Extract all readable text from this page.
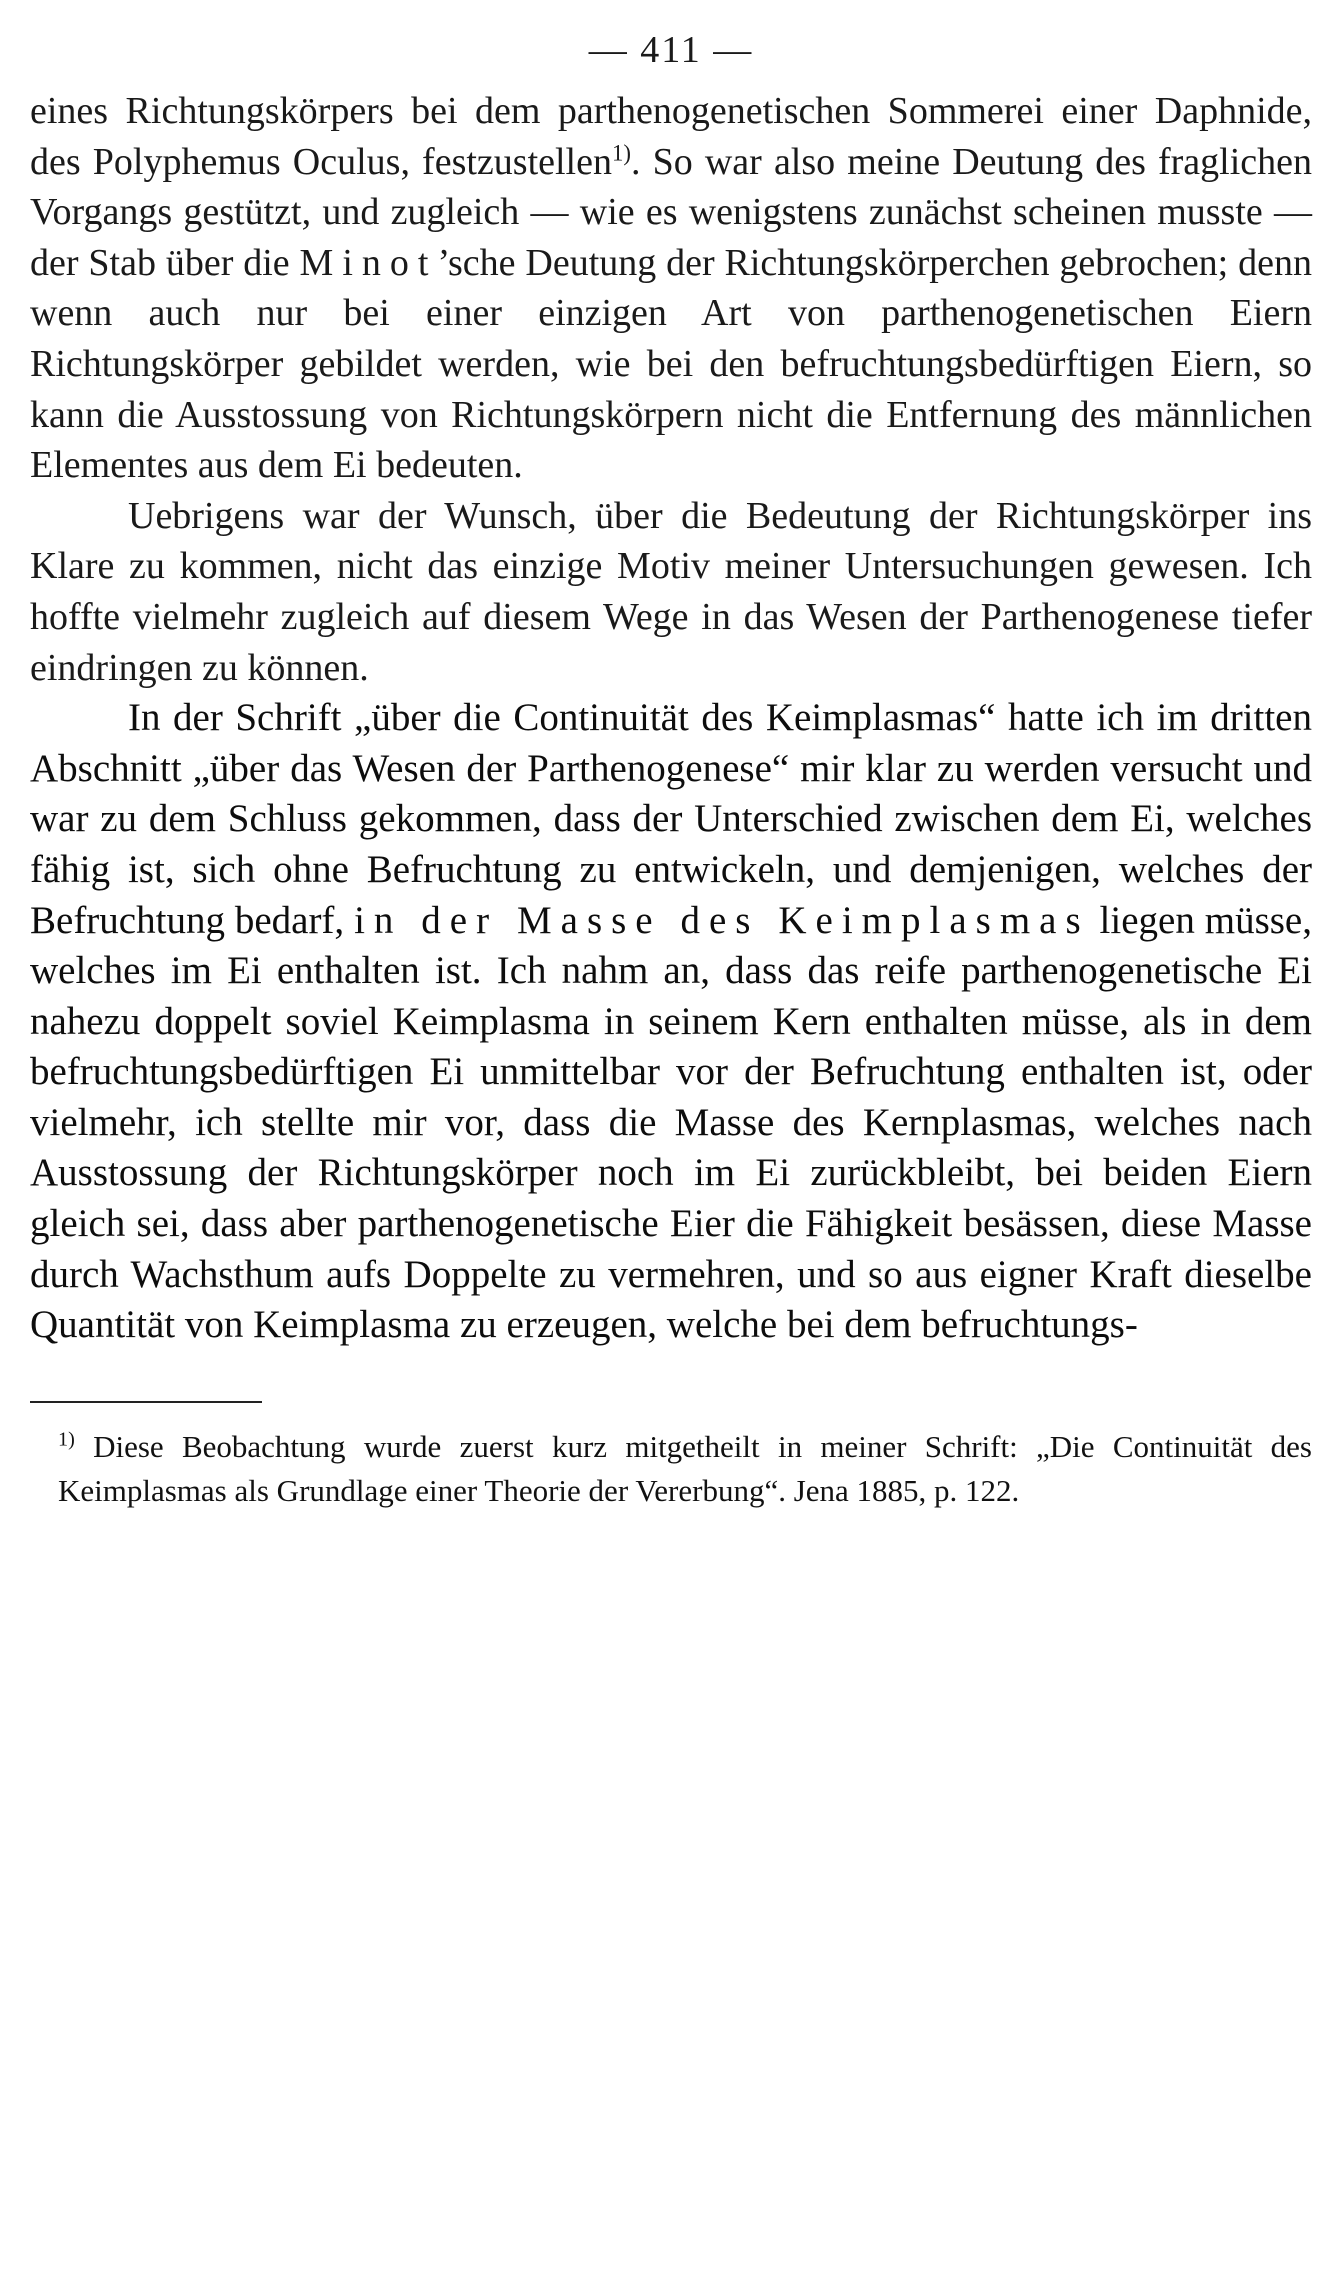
— 411 —

eines Richtungskörpers bei dem parthenogenetischen Sommerei einer Daphnide, des Polyphemus Oculus, festzustellen$^{1)}$. So war also meine Deutung des fraglichen Vorgangs gestützt, und zugleich — wie es wenigstens zunächst scheinen musste — der Stab über die Minot’sche Deutung der Richtungskörperchen gebrochen; denn wenn auch nur bei einer einzigen Art von parthenogenetischen Eiern Richtungskörper gebildet werden, wie bei den befruchtungsbedürftigen Eiern, so kann die Ausstossung von Richtungskörpern nicht die Entfernung des männlichen Elementes aus dem Ei bedeuten.

Uebrigens war der Wunsch, über die Bedeutung der Richtungskörper ins Klare zu kommen, nicht das einzige Motiv meiner Untersuchungen gewesen. Ich hoffte vielmehr zugleich auf diesem Wege in das Wesen der Parthenogenese tiefer eindringen zu können.

In der Schrift „über die Continuität des Keimplasmas“ hatte ich im dritten Abschnitt „über das Wesen der Parthenogenese“ mir klar zu werden versucht und war zu dem Schluss gekommen, dass der Unterschied zwischen dem Ei, welches fähig ist, sich ohne Befruchtung zu entwickeln, und demjenigen, welches der Befruchtung bedarf, in der Masse des Keimplasmas liegen müsse, welches im Ei enthalten ist. Ich nahm an, dass das reife parthenogenetische Ei nahezu doppelt soviel Keimplasma in seinem Kern enthalten müsse, als in dem befruchtungsbedürftigen Ei unmittelbar vor der Befruchtung enthalten ist, oder vielmehr, ich stellte mir vor, dass die Masse des Kernplasmas, welches nach Ausstossung der Richtungskörper noch im Ei zurückbleibt, bei beiden Eiern gleich sei, dass aber parthenogenetische Eier die Fähigkeit besässen, diese Masse durch Wachsthum aufs Doppelte zu vermehren, und so aus eigner Kraft dieselbe Quantität von Keimplasma zu erzeugen, welche bei dem befruchtungs-

$^{1)}$ Diese Beobachtung wurde zuerst kurz mitgetheilt in meiner Schrift: „Die Continuität des Keimplasmas als Grundlage einer Theorie der Vererbung“. Jena 1885, p. 122.
